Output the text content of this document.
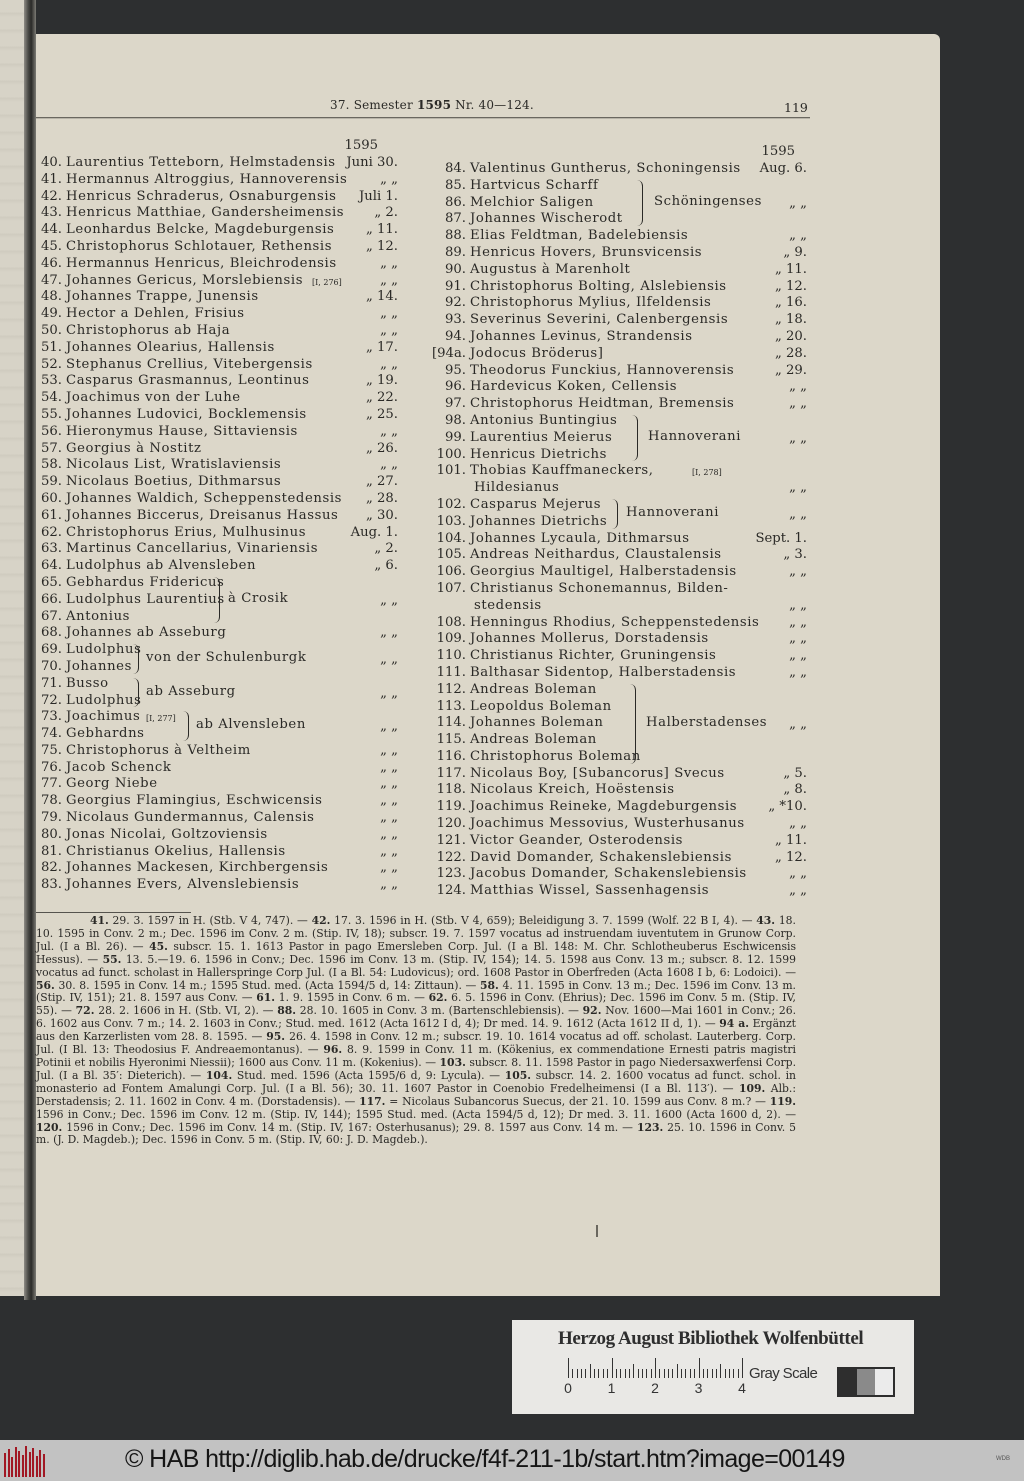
37. Semester 1595 Nr. 40—124.	119
1595
40. Laurentius Tetteborn, Helmstadensis Juni 30.
41. Hermannus Altroggius, Hannoverensis „ „
42. Henricus Schraderus, Osnaburgensis Juli 1.
43. Henricus Matthiae, Gandersheimensis „ 2.
44. Leonhardus Belcke, Magdeburgensis „ 11.
45. Christophorus Schlotauer, Rethensis	„ 12.
46. Hermannus Henricus, Bleichrodensis	„ „
47. Johannes Gericus, Morslebiensis [I, 276]	„ „
48. Johannes Trappe, Junensis	„ 14.
49. Hector a Dehlen, Frisius	„ „
50. Christophorus ab Haja	„ „
51. Johannes Olearius, Hallensis	„ 17.
52. Stephanus Crellius, Vitebergensis	„ „
53. Casparus Grasmannus, Leontinus	„ 19.
54. Joachimus von der Luhe	„ 22.
55. Johannes Ludovici, Bocklemensis	„ 25.
56. Hieronymus Hause, Sittaviensis	„ „
57. Georgius à Nostitz	„ 26.
58. Nicolaus List, Wratislaviensis	„ „
59. Nicolaus Boetius, Dithmarsus	„ 27.
60. Johannes Waldich, Scheppenstedensis „ 28.
61. Johannes Biccerus, Dreisanus Hassus „ 30.
62. Christophorus Erius, Mulhusinus	Aug. 1.
63. Martinus Cancellarius, Vinariensis	„ 2.
64. Ludolphus ab Alvensleben	„ 6.
65. Gebhardus Fridericus
66. Ludolphus Laurentius
67. Antonius
à Crosik	„ „
68. Johannes ab Asseburg	„ „
69. Ludolphus
70. Johannes
von der Schulenburgk	„ „
71. Busso
72. Ludolphus
ab Asseburg	„ „
73. Joachimus [I, 277]
74. Gebhardns
ab Alvensleben	„ „
75. Christophorus à Veltheim	„ „
76. Jacob Schenck	„ „
77. Georg Niebe	„ „
78. Georgius Flamingius, Eschwicensis	„ „
79. Nicolaus Gundermannus, Calensis	„ „
80. Jonas Nicolai, Goltzoviensis	„ „
81. Christianus Okelius, Hallensis	„ „
82. Johannes Mackesen, Kirchbergensis	„ „
83. Johannes Evers, Alvenslebiensis	„ „
1595
84. Valentinus Guntherus, Schoningensis Aug. 6.
85. Hartvicus Scharff
86. Melchior Saligen
87. Johannes Wischerodt
Schöningenses „ „
88. Elias Feldtman, Badelebiensis	„ „
89. Henricus Hovers, Brunsvicensis	„ 9.
90. Augustus à Marenholt	„ 11.
91. Christophorus Bolting, Alslebiensis	„ 12.
92. Christophorus Mylius, Ilfeldensis	„ 16.
93. Severinus Severini, Calenbergensis	„ 18.
94. Johannes Levinus, Strandensis	„ 20.
[94a. Jodocus Bröderus]	„ 28.
95. Theodorus Funckius, Hannoverensis	„ 29.
96. Hardevicus Koken, Cellensis	„ „
97. Christophorus Heidtman, Bremensis	„ „
98. Antonius Buntingius
99. Laurentius Meierus
100. Henricus Dietrichs
Hannoverani	„ „
101. Thobias Kauffmaneckers,	[I, 278]
Hildesianus	„ „
102. Casparus Mejerus
103. Johannes Dietrichs
Hannoverani	„ „
104. Johannes Lycaula, Dithmarsus	Sept. 1.
105. Andreas Neithardus, Claustalensis	„ 3.
106. Georgius Maultigel, Halberstadensis	„ „
107. Christianus Schonemannus, Bilden-
stedensis	„ „
108. Henningus Rhodius, Scheppenstedensis „ „
109. Johannes Mollerus, Dorstadensis	„ „
110. Christianus Richter, Gruningensis	„ „
111. Balthasar Sidentop, Halberstadensis	„ „
112. Andreas Boleman
113. Leopoldus Boleman
114. Johannes Boleman
115. Andreas Boleman
116. Christophorus Boleman
Halberstadenses „ „
117. Nicolaus Boy, [Subancorus] Svecus	„ 5.
118. Nicolaus Kreich, Hoëstensis	„ 8.
119. Joachimus Reineke, Magdeburgensis „ *10.
120. Joachimus Messovius, Wusterhusanus	„ „
121. Victor Geander, Osterodensis	„ 11.
122. David Domander, Schakenslebiensis	„ 12.
123. Jacobus Domander, Schakenslebiensis	„ „
124. Matthias Wissel, Sassenhagensis	„ „

41. 29. 3. 1597 in H. (Stb. V 4, 747). — 42. 17. 3. 1596 in H. (Stb. V 4, 659); Beleidigung 3. 7. 1599 (Wolf. 22 B I, 4). — 43. 18. 10. 1595 in Conv. 2 m.; Dec. 1596 im Conv. 2 m. (Stip. IV, 18); subscr. 19. 7. 1597 vocatus ad instruendam iuventutem in Grunow Corp. Jul. (I a Bl. 26). — 45. subscr. 15. 1. 1613 Pastor in pago Emersleben Corp. Jul. (I a Bl. 148: M. Chr. Schlotheuberus Eschwicensis Hessus). — 55. 13. 5.—19. 6. 1596 in Conv.; Dec. 1596 im Conv. 13 m. (Stip. IV, 154); 14. 5. 1598 aus Conv. 13 m.; subscr. 8. 12. 1599 vocatus ad funct. scholast in Hallerspringe Corp Jul. (I a Bl. 54: Ludovicus); ord. 1608 Pastor in Oberfreden (Acta 1608 I b, 6: Lodoici). — 56. 30. 8. 1595 in Conv. 14 m.; 1595 Stud. med. (Acta 1594/5 d, 14: Zittaun). — 58. 4. 11. 1595 in Conv. 13 m.; Dec. 1596 im Conv. 13 m. (Stip. IV, 151); 21. 8. 1597 aus Conv. — 61. 1. 9. 1595 in Conv. 6 m. — 62. 6. 5. 1596 in Conv. (Ehrius); Dec. 1596 im Conv. 5 m. (Stip. IV, 55). — 72. 28. 2. 1606 in H. (Stb. VI, 2). — 88. 28. 10. 1605 in Conv. 3 m. (Bartenschlebiensis). — 92. Nov. 1600—Mai 1601 in Conv.; 26. 6. 1602 aus Conv. 7 m.; 14. 2. 1603 in Conv.; Stud. med. 1612 (Acta 1612 I d, 4); Dr med. 14. 9. 1612 (Acta 1612 II d, 1). — 94 a. Ergänzt aus den Karzerlisten vom 28. 8. 1595. — 95. 26. 4. 1598 in Conv. 12 m.; subscr. 19. 10. 1614 vocatus ad off. scholast. Lauterberg. Corp. Jul. (I Bl. 13: Theodosius F. Andreaemontanus). — 96. 8. 9. 1599 in Conv. 11 m. (Kökenius, ex commendatione Ernesti patris magistri Potinii et nobilis Hyeronimi Niessii); 1600 aus Conv. 11 m. (Kokenius). — 103. subscr. 8. 11. 1598 Pastor in pago Niedersaxwerfensi Corp. Jul. (I a Bl. 35′: Dieterich). — 104. Stud. med. 1596 (Acta 1595/6 d, 9: Lycula). — 105. subscr. 14. 2. 1600 vocatus ad funct. schol. in monasterio ad Fontem Amalungi Corp. Jul. (I a Bl. 56); 30. 11. 1607 Pastor in Coenobio Fredelheimensi (I a Bl. 113′). — 109. Alb.: Derstadensis; 2. 11. 1602 in Conv. 4 m. (Dorstadensis). — 117. = Nicolaus Subancorus Suecus, der 21. 10. 1599 aus Conv. 8 m.? — 119. 1596 in Conv.; Dec. 1596 im Conv. 12 m. (Stip. IV, 144); 1595 Stud. med. (Acta 1594/5 d, 12); Dr med. 3. 11. 1600 (Acta 1600 d, 2). — 120. 1596 in Conv.; Dec. 1596 im Conv. 14 m. (Stip. IV, 167: Osterhusanus); 29. 8. 1597 aus Conv. 14 m. — 123. 25. 10. 1596 in Conv. 5 m. (J. D. Magdeb.); Dec. 1596 in Conv. 5 m. (Stip. IV, 60: J. D. Magdeb.).

Herzog August Bibliothek Wolfenbüttel
0	1	2	3	4
Gray Scale
© HAB http://diglib.hab.de/drucke/f4f-211-1b/start.htm?image=00149	WDB
